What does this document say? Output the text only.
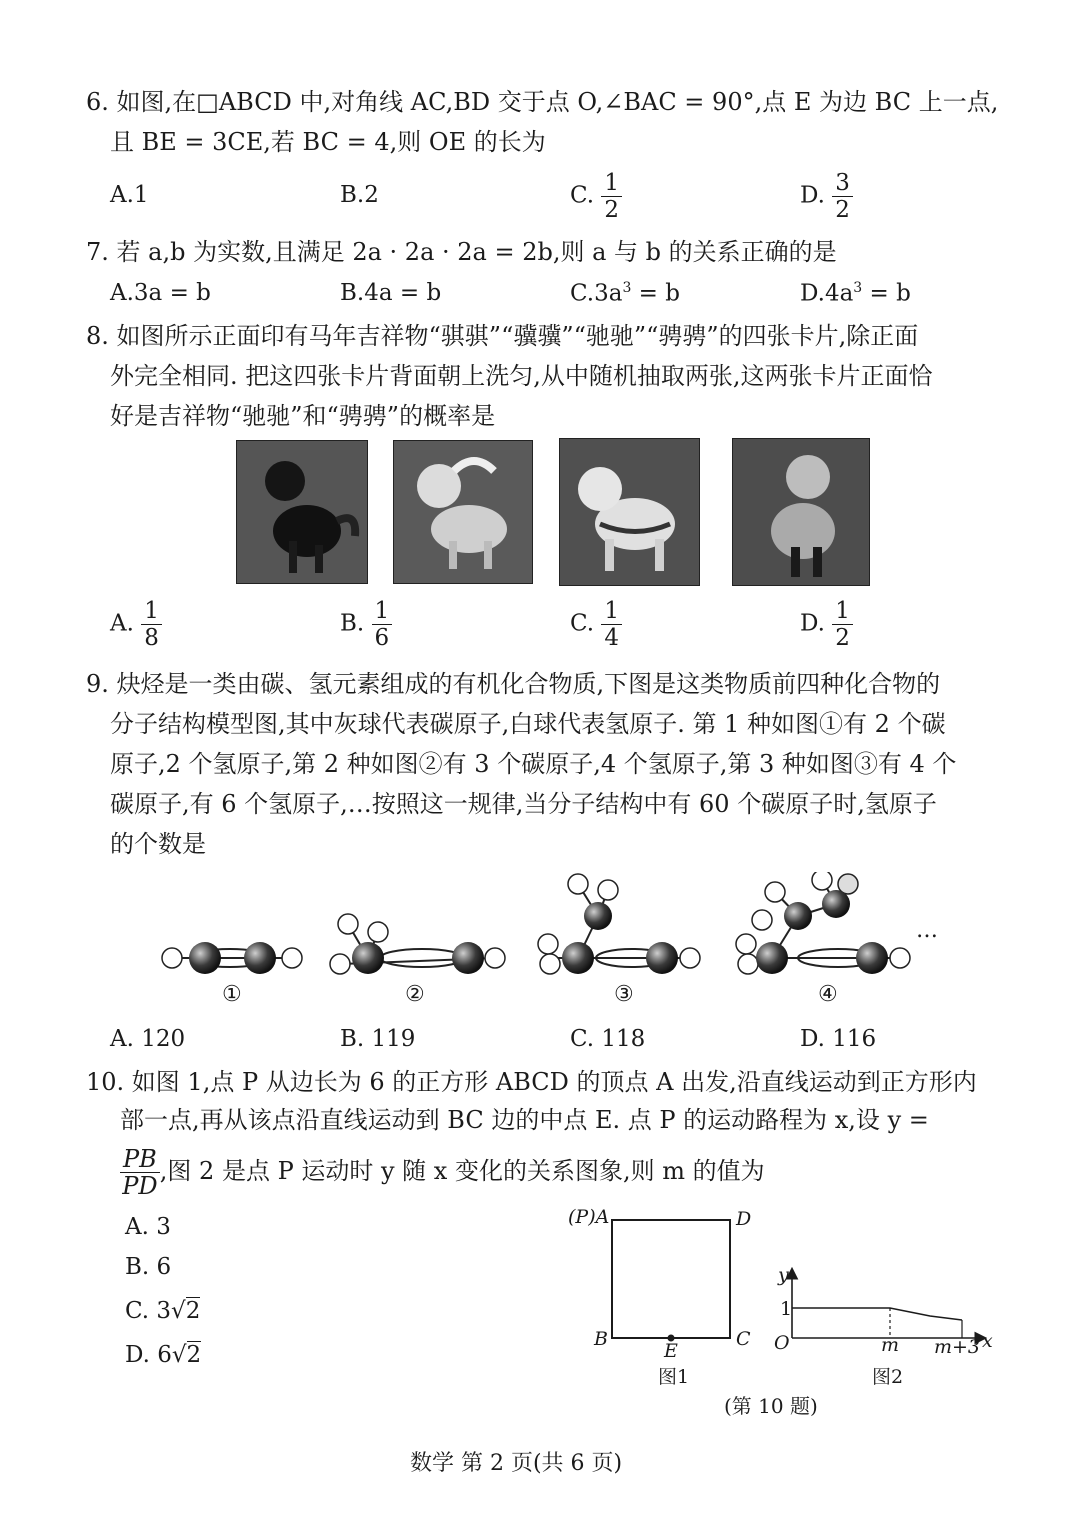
6. 如图,在□ABCD 中,对角线 AC,BD 交于点 O,∠BAC = 90°,点 E 为边 BC 上一点,
且 BE = 3CE,若 BC = 4,则 OE 的长为
A.1	B.2	C. $\frac{1}{2}$	D. $\frac{3}{2}$
7. 若 a,b 为实数,且满足 2a · 2a · 2a = 2b,则 a 与 b 的关系正确的是
A.3a = b	B.4a = b	$C.3a^3 = b$	$D.4a^3 = b$
8. 如图所示正面印有马年吉祥物“骐骐”“骥骥”“驰驰”“骋骋”的四张卡片,除正面
外完全相同. 把这四张卡片背面朝上洗匀,从中随机抽取两张,这两张卡片正面恰
好是吉祥物“驰驰”和“骋骋”的概率是
A. $\frac{1}{8}$	B. $\frac{1}{6}$	C. $\frac{1}{4}$	D. $\frac{1}{2}$
9. 炔烃是一类由碳、氢元素组成的有机化合物质,下图是这类物质前四种化合物的
分子结构模型图,其中灰球代表碳原子,白球代表氢原子. 第 1 种如图①有 2 个碳
原子,2 个氢原子,第 2 种如图②有 3 个碳原子,4 个氢原子,第 3 种如图③有 4 个
碳原子,有 6 个氢原子,…按照这一规律,当分子结构中有 60 个碳原子时,氢原子
的个数是
①	②	③	④
…
A. 120	B. 119	C. 118	D. 116
10. 如图 1,点 P 从边长为 6 的正方形 ABCD 的顶点 A 出发,沿直线运动到正方形内
部一点,再从该点沿直线运动到 BC 边的中点 E. 点 P 的运动路程为 x,设 y =
$\frac{PB}{PD}$ ,图 2 是点 P 运动时 y 随 x 变化的关系图象,则 m 的值为
A. 3
B. 6
C. 3√2
D. 6√2
(P)A	D
B	C
E
图1
y
1
O	m m+3 x
图2
(第 10 题)
数学 第 2 页(共 6 页)
